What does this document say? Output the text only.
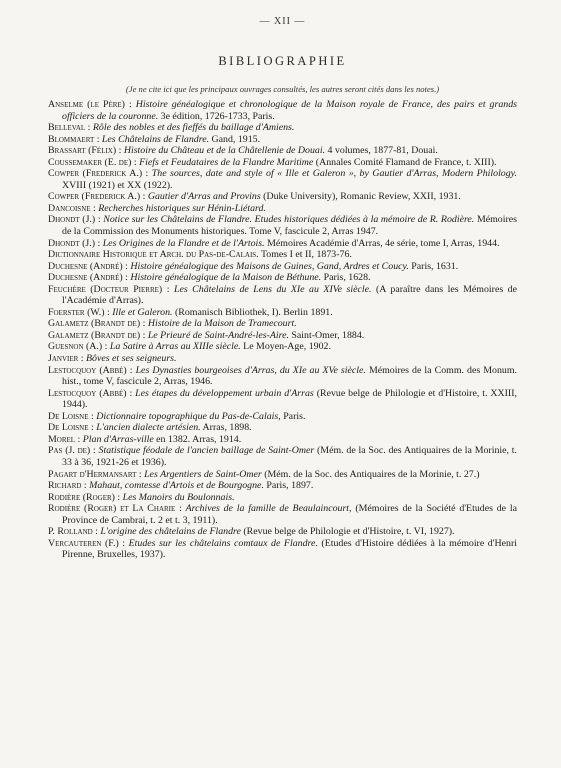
— XII —
BIBLIOGRAPHIE
(Je ne cite ici que les principaux ouvrages consultés, les autres seront cités dans les notes.)

Anselme (le Père) : Histoire généalogique et chronologique de la Maison royale de France, des pairs et grands officiers de la couronne. 3e édition, 1726-1733, Paris.

Belleval : Rôle des nobles et des fieffés du baillage d'Amiens.

Blommaert : Les Châtelains de Flandre. Gand, 1915.

Brassart (Félix) : Histoire du Château et de la Châtellenie de Douai. 4 volumes, 1877-81, Douai.

Coussemaker (E. de) : Fiefs et Feudataires de la Flandre Maritime (Annales Comité Flamand de France, t. XIII).

Cowper (Frederick A.) : The sources, date and style of « Ille et Galeron », by Gautier d'Arras, Modern Philology. XVIII (1921) et XX (1922).

Cowper (Frederick A.) : Gautier d'Arras and Provins (Duke University), Romanic Review, XXII, 1931.

Dancoisne : Recherches historiques sur Hénin-Liétard.

Dhondt (J.) : Notice sur les Châtelains de Flandre. Etudes historiques dédiées à la mémoire de R. Rodière. Mémoires de la Commission des Monuments historiques. Tome V, fascicule 2, Arras 1947.

Dhondt (J.) : Les Origines de la Flandre et de l'Artois. Mémoires Académie d'Arras, 4e série, tome I, Arras, 1944.

Dictionnaire Historique et Arch. du Pas-de-Calais. Tomes I et II, 1873-76.

Duchesne (André) : Histoire généalogique des Maisons de Guines, Gand, Ardres et Coucy. Paris, 1631.

Duchesne (André) : Histoire généalogique de la Maison de Béthune. Paris, 1628.

Feuchère (Docteur Pierre) : Les Châtelains de Lens du XIe au XIVe siècle. (A paraître dans les Mémoires de l'Académie d'Arras).

Foerster (W.) : Ille et Galeron. (Romanisch Bibliothek, I). Berlin 1891.

Galametz (Brandt de) : Histoire de la Maison de Tramecourt.

Galametz (Brandt de) : Le Prieuré de Saint-André-les-Aire. Saint-Omer, 1884.

Guesnon (A.) : La Satire à Arras au XIIIe siècle. Le Moyen-Age, 1902.

Janvier : Bôves et ses seigneurs.

Lestocquoy (Abbé) : Les Dynasties bourgeoises d'Arras, du XIe au XVe siècle. Mémoires de la Comm. des Monum. hist., tome V, fascicule 2, Arras, 1946.

Lestocquoy (Abbé) : Les étapes du développement urbain d'Arras (Revue belge de Philologie et d'Histoire, t. XXIII, 1944).

De Loisne : Dictionnaire topographique du Pas-de-Calais, Paris.

De Loisne : L'ancien dialecte artésien. Arras, 1898.

Morel : Plan d'Arras-ville en 1382. Arras, 1914.

Pas (J. de) : Statistique féodale de l'ancien baillage de Saint-Omer (Mém. de la Soc. des Antiquaires de la Morinie, t. 33 à 36, 1921-26 et 1936).

Pagart d'Hermansart : Les Argentiers de Saint-Omer (Mém. de la Soc. des Antiquaires de la Morinie, t. 27.)

Richard : Mahaut, comtesse d'Artois et de Bourgogne. Paris, 1897.

Rodière (Roger) : Les Manoirs du Boulonnais.

Rodière (Roger) et La Charie : Archives de la famille de Beaulaincourt, (Mémoires de la Société d'Etudes de la Province de Cambrai, t. 2 et t. 3, 1911).

P. Rolland : L'origine des châtelains de Flandre (Revue belge de Philologie et d'Histoire, t. VI, 1927).

Vercauteren (F.) : Etudes sur les châtelains comtaux de Flandre. (Etudes d'Histoire dédiées à la mémoire d'Henri Pirenne, Bruxelles, 1937).
